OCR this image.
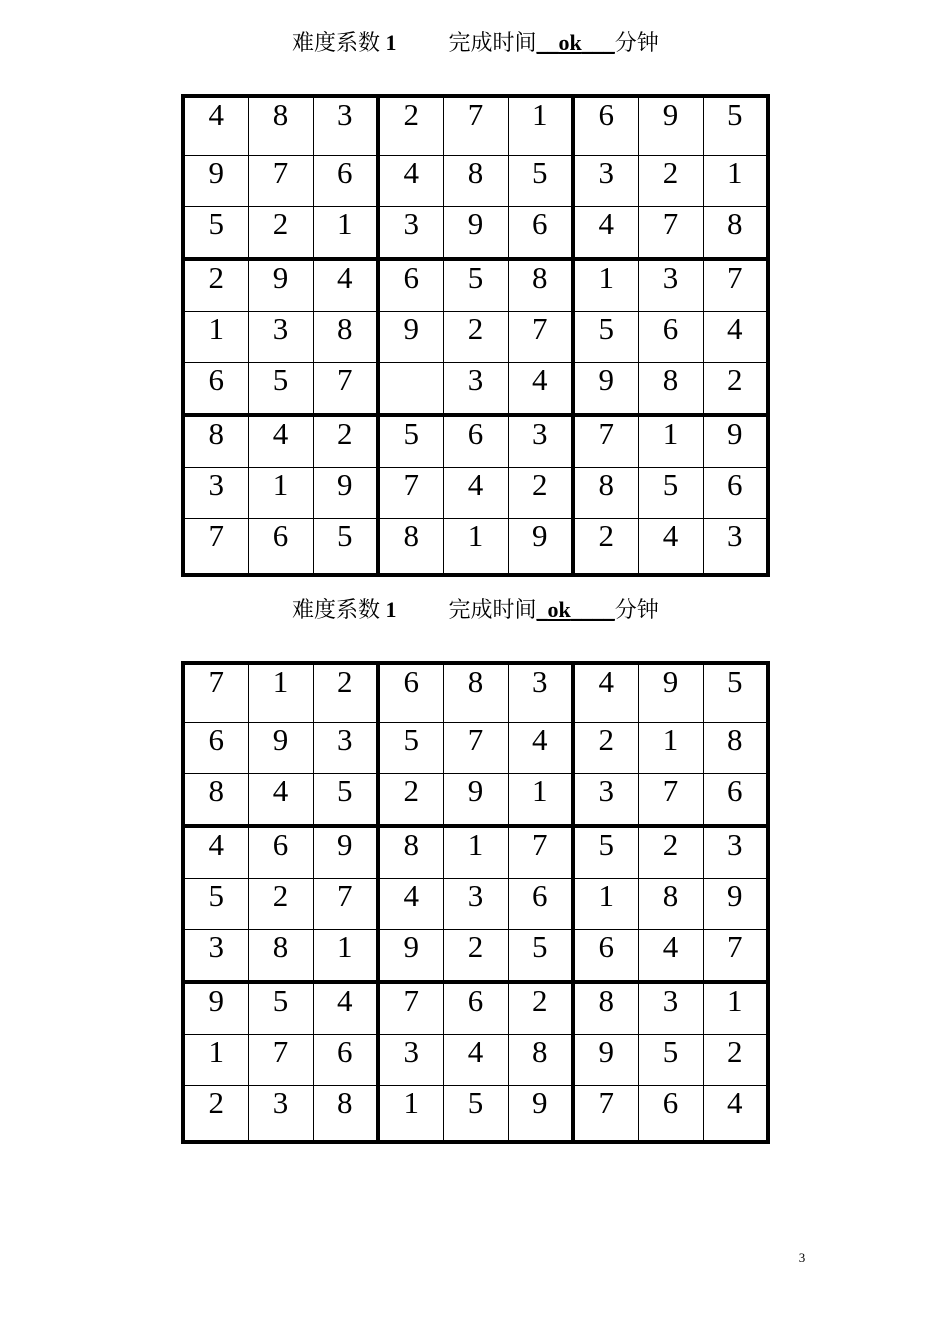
难度系数 1 完成时间__ok___分钟
4	8	3	2	7	1	6	9	5
9	7	6	4	8	5	3	2	1
5	2	1	3	9	6	4	7	8
2	9	4	6	5	8	1	3	7
1	3	8	9	2	7	5	6	4
6	5	7		3	4	9	8	2
8	4	2	5	6	3	7	1	9
3	1	9	7	4	2	8	5	6
7	6	5	8	1	9	2	4	3
难度系数 1 完成时间_ok____分钟
7	1	2	6	8	3	4	9	5
6	9	3	5	7	4	2	1	8
8	4	5	2	9	1	3	7	6
4	6	9	8	1	7	5	2	3
5	2	7	4	3	6	1	8	9
3	8	1	9	2	5	6	4	7
9	5	4	7	6	2	8	3	1
1	7	6	3	4	8	9	5	2
2	3	8	1	5	9	7	6	4
3
